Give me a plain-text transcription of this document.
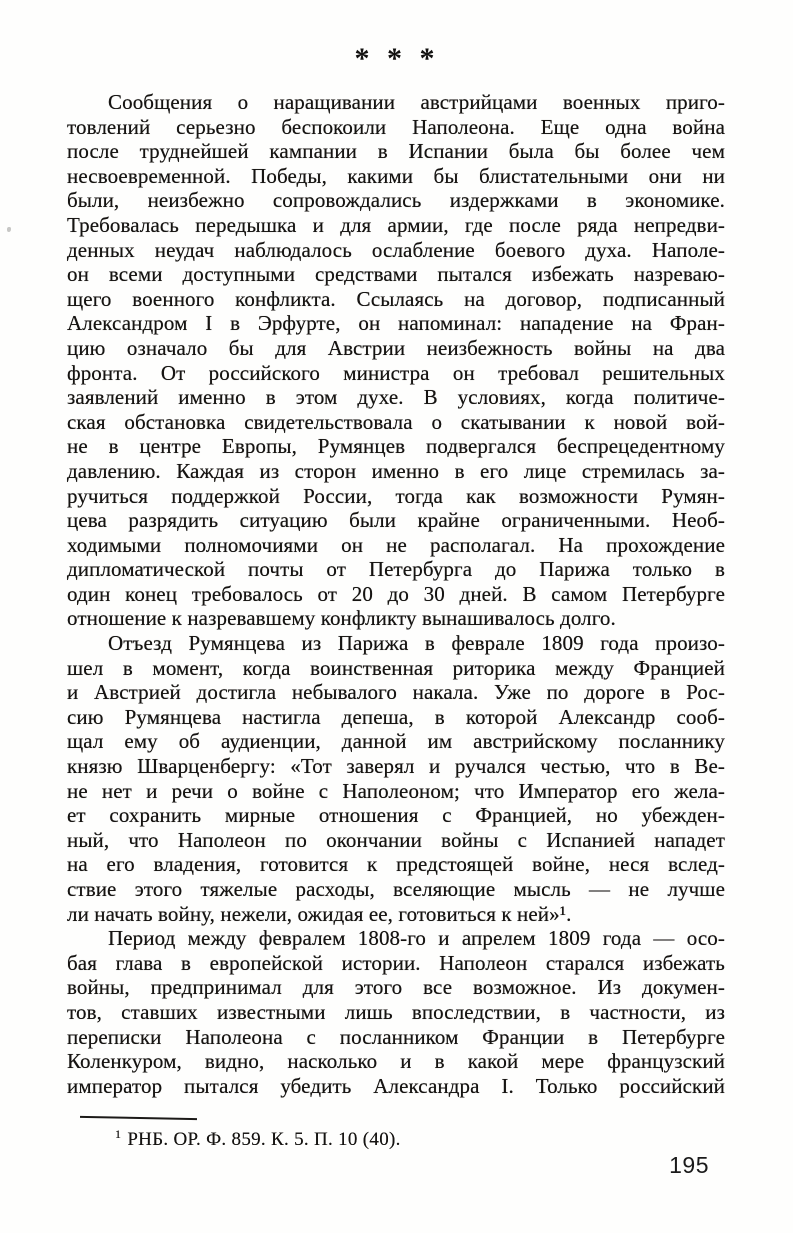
* * *
Сообщения о наращивании австрийцами военных приго-
товлений серьезно беспокоили Наполеона. Еще одна война
после труднейшей кампании в Испании была бы более чем
несвоевременной. Победы, какими бы блистательными они ни
были, неизбежно сопровождались издержками в экономике.
Требовалась передышка и для армии, где после ряда непредви-
денных неудач наблюдалось ослабление боевого духа. Наполе-
он всеми доступными средствами пытался избежать назреваю-
щего военного конфликта. Ссылаясь на договор, подписанный
Александром I в Эрфурте, он напоминал: нападение на Фран-
цию означало бы для Австрии неизбежность войны на два
фронта. От российского министра он требовал решительных
заявлений именно в этом духе. В условиях, когда политиче-
ская обстановка свидетельствовала о скатывании к новой вой-
не в центре Европы, Румянцев подвергался беспрецедентному
давлению. Каждая из сторон именно в его лице стремилась за-
ручиться поддержкой России, тогда как возможности Румян-
цева разрядить ситуацию были крайне ограниченными. Необ-
ходимыми полномочиями он не располагал. На прохождение
дипломатической почты от Петербурга до Парижа только в
один конец требовалось от 20 до 30 дней. В самом Петербурге
отношение к назревавшему конфликту вынашивалось долго.
Отъезд Румянцева из Парижа в феврале 1809 года произо-
шел в момент, когда воинственная риторика между Францией
и Австрией достигла небывалого накала. Уже по дороге в Рос-
сию Румянцева настигла депеша, в которой Александр сооб-
щал ему об аудиенции, данной им австрийскому посланнику
князю Шварценбергу: «Тот заверял и ручался честью, что в Ве-
не нет и речи о войне с Наполеоном; что Император его жела-
ет сохранить мирные отношения с Францией, но убежден-
ный, что Наполеон по окончании войны с Испанией нападет
на его владения, готовится к предстоящей войне, неся вслед-
ствие этого тяжелые расходы, вселяющие мысль — не лучше
ли начать войну, нежели, ожидая ее, готовиться к ней»¹.
Период между февралем 1808-го и апрелем 1809 года — осо-
бая глава в европейской истории. Наполеон старался избежать
войны, предпринимал для этого все возможное. Из докумен-
тов, ставших известными лишь впоследствии, в частности, из
переписки Наполеона с посланником Франции в Петербурге
Коленкуром, видно, насколько и в какой мере французский
император пытался убедить Александра I. Только российский
$^1$ РНБ. ОР. Ф. 859. К. 5. П. 10 (40).
195
